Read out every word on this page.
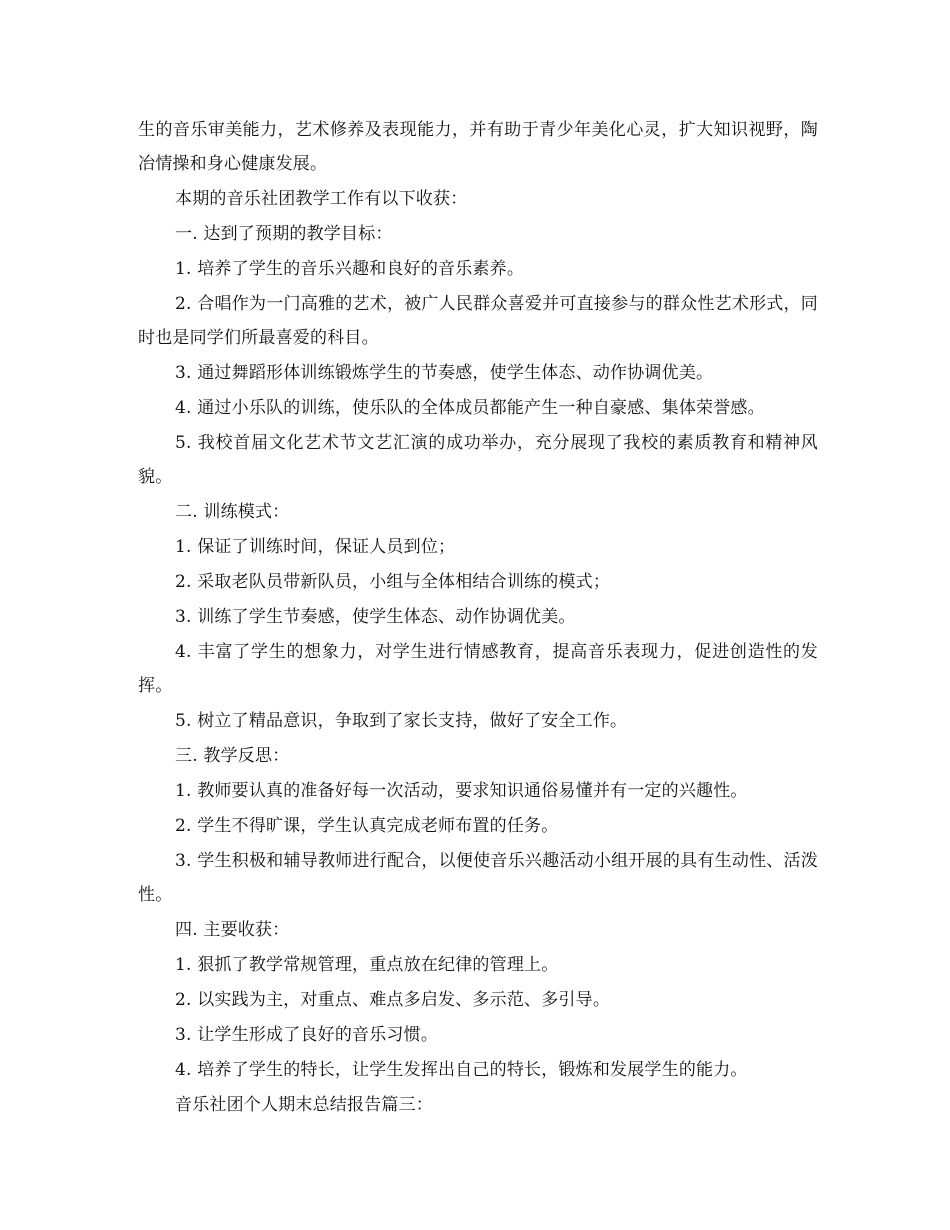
生的音乐审美能力，艺术修养及表现能力，并有助于青少年美化心灵，扩大知识视野，陶冶情操和身心健康发展。

本期的音乐社团教学工作有以下收获：

一. 达到了预期的教学目标：

1. 培养了学生的音乐兴趣和良好的音乐素养。

2. 合唱作为一门高雅的艺术，被广人民群众喜爱并可直接参与的群众性艺术形式，同时也是同学们所最喜爱的科目。

3. 通过舞蹈形体训练锻炼学生的节奏感，使学生体态、动作协调优美。

4. 通过小乐队的训练，使乐队的全体成员都能产生一种自豪感、集体荣誉感。

5. 我校首届文化艺术节文艺汇演的成功举办，充分展现了我校的素质教育和精神风貌。

二. 训练模式：

1. 保证了训练时间，保证人员到位；

2. 采取老队员带新队员，小组与全体相结合训练的模式；

3. 训练了学生节奏感，使学生体态、动作协调优美。

4. 丰富了学生的想象力，对学生进行情感教育，提高音乐表现力，促进创造性的发挥。

5. 树立了精品意识，争取到了家长支持，做好了安全工作。

三. 教学反思：

1. 教师要认真的准备好每一次活动，要求知识通俗易懂并有一定的兴趣性。

2. 学生不得旷课，学生认真完成老师布置的任务。

3. 学生积极和辅导教师进行配合，以便使音乐兴趣活动小组开展的具有生动性、活泼性。

四. 主要收获：

1. 狠抓了教学常规管理，重点放在纪律的管理上。

2. 以实践为主，对重点、难点多启发、多示范、多引导。

3. 让学生形成了良好的音乐习惯。

4. 培养了学生的特长，让学生发挥出自己的特长，锻炼和发展学生的能力。

音乐社团个人期末总结报告篇三：
